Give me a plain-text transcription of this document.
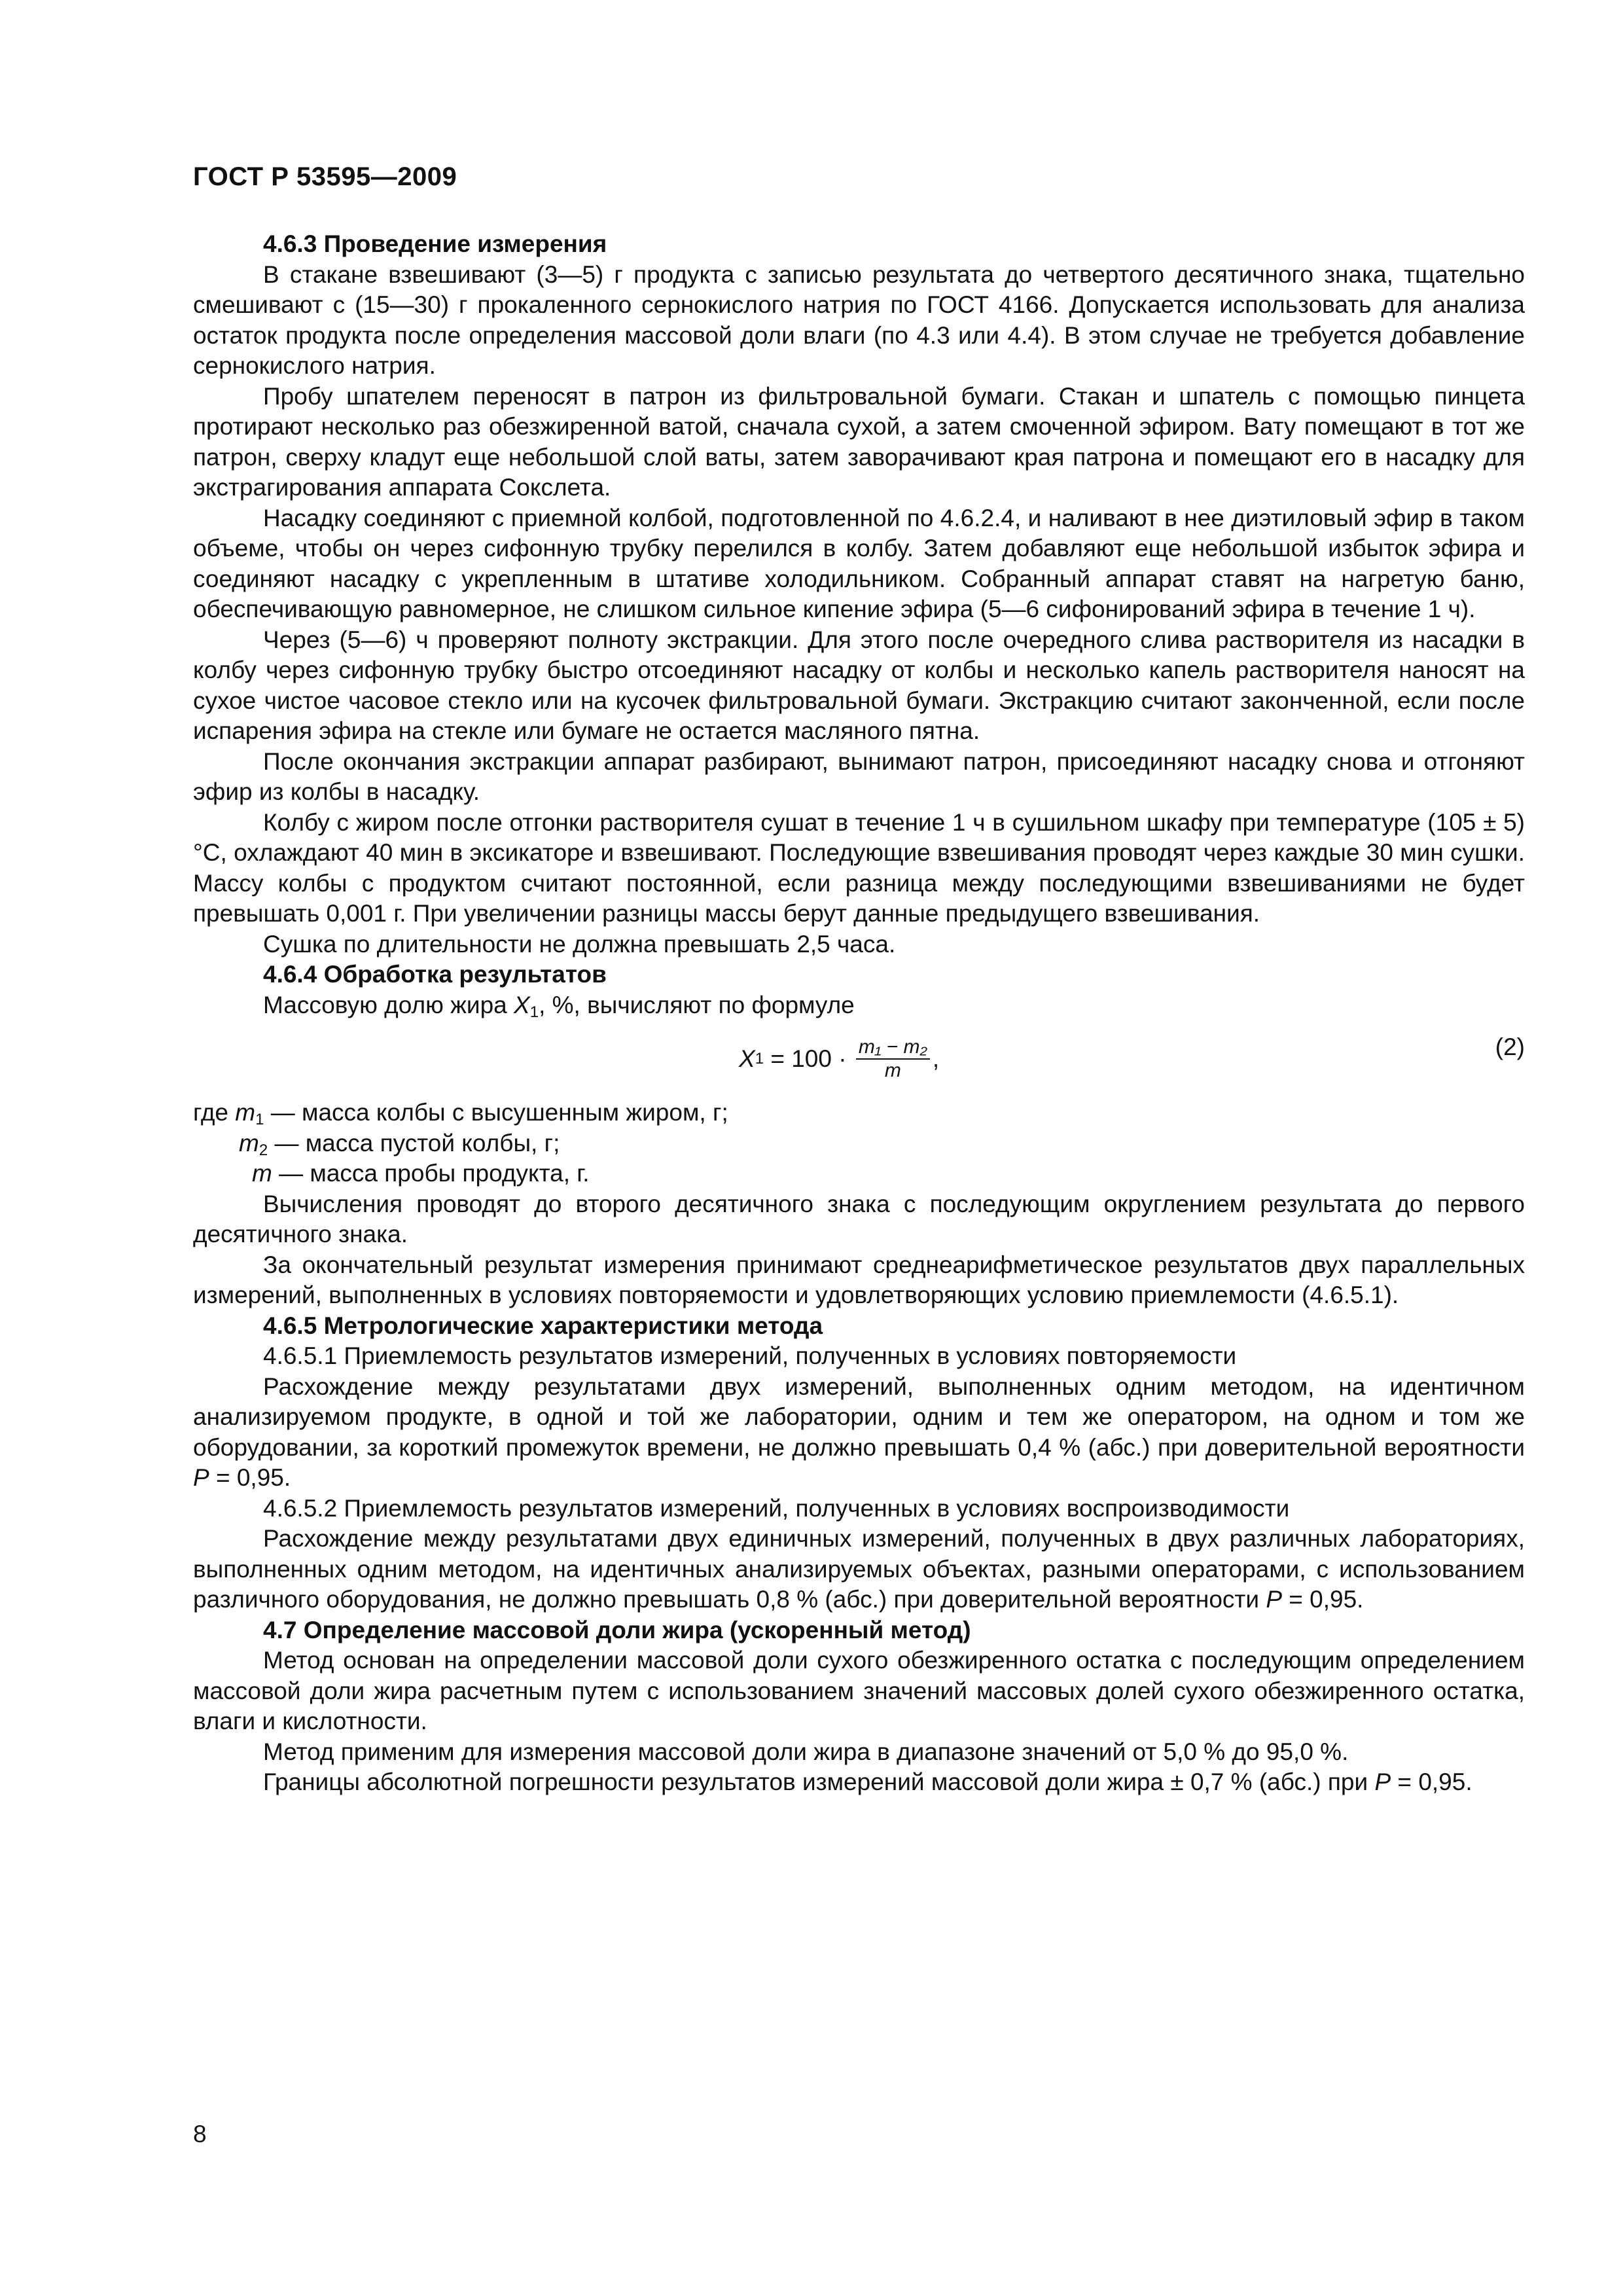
ГОСТ Р 53595—2009
4.6.3 Проведение измерения

В стакане взвешивают (3—5) г продукта с записью результата до четвертого десятичного знака, тщательно смешивают с (15—30) г прокаленного сернокислого натрия по ГОСТ 4166. Допускается использовать для анализа остаток продукта после определения массовой доли влаги (по 4.3 или 4.4). В этом случае не требуется добавление сернокислого натрия.

Пробу шпателем переносят в патрон из фильтровальной бумаги. Стакан и шпатель с помощью пинцета протирают несколько раз обезжиренной ватой, сначала сухой, а затем смоченной эфиром. Вату помещают в тот же патрон, сверху кладут еще небольшой слой ваты, затем заворачивают края патрона и помещают его в насадку для экстрагирования аппарата Сокслета.

Насадку соединяют с приемной колбой, подготовленной по 4.6.2.4, и наливают в нее диэтиловый эфир в таком объеме, чтобы он через сифонную трубку перелился в колбу. Затем добавляют еще небольшой избыток эфира и соединяют насадку с укрепленным в штативе холодильником. Собранный аппарат ставят на нагретую баню, обеспечивающую равномерное, не слишком сильное кипение эфира (5—6 сифонирований эфира в течение 1 ч).

Через (5—6) ч проверяют полноту экстракции. Для этого после очередного слива растворителя из насадки в колбу через сифонную трубку быстро отсоединяют насадку от колбы и несколько капель растворителя наносят на сухое чистое часовое стекло или на кусочек фильтровальной бумаги. Экстракцию считают законченной, если после испарения эфира на стекле или бумаге не остается масляного пятна.

После окончания экстракции аппарат разбирают, вынимают патрон, присоединяют насадку снова и отгоняют эфир из колбы в насадку.

Колбу с жиром после отгонки растворителя сушат в течение 1 ч в сушильном шкафу при температуре (105 ± 5) °С, охлаждают 40 мин в эксикаторе и взвешивают. Последующие взвешивания проводят через каждые 30 мин сушки. Массу колбы с продуктом считают постоянной, если разница между последующими взвешиваниями не будет превышать 0,001 г. При увеличении разницы массы берут данные предыдущего взвешивания.

Сушка по длительности не должна превышать 2,5 часа.

4.6.4 Обработка результатов

Массовую долю жира $X_1$, %, вычисляют по формуле

X $1 = 100 \cdot \frac{\text{m₁ − m₂}}{m}$ ,	(2)

где $m_1$ — масса колбы с высушенным жиром, г;

$m_2$ — масса пустой колбы, г;

m — масса пробы продукта, г.

Вычисления проводят до второго десятичного знака с последующим округлением результата до первого десятичного знака.

За окончательный результат измерения принимают среднеарифметическое результатов двух параллельных измерений, выполненных в условиях повторяемости и удовлетворяющих условию приемлемости (4.6.5.1).

4.6.5 Метрологические характеристики метода

4.6.5.1 Приемлемость результатов измерений, полученных в условиях повторяемости

Расхождение между результатами двух измерений, выполненных одним методом, на идентичном анализируемом продукте, в одной и той же лаборатории, одним и тем же оператором, на одном и том же оборудовании, за короткий промежуток времени, не должно превышать 0,4 % (абс.) при доверительной вероятности P = 0,95.

4.6.5.2 Приемлемость результатов измерений, полученных в условиях воспроизводимости

Расхождение между результатами двух единичных измерений, полученных в двух различных лабораториях, выполненных одним методом, на идентичных анализируемых объектах, разными операторами, с использованием различного оборудования, не должно превышать 0,8 % (абс.) при доверительной вероятности P = 0,95.

4.7 Определение массовой доли жира (ускоренный метод)

Метод основан на определении массовой доли сухого обезжиренного остатка с последующим определением массовой доли жира расчетным путем с использованием значений массовых долей сухого обезжиренного остатка, влаги и кислотности.

Метод применим для измерения массовой доли жира в диапазоне значений от 5,0 % до 95,0 %.

Границы абсолютной погрешности результатов измерений массовой доли жира ± 0,7 % (абс.) при P = 0,95.

8
